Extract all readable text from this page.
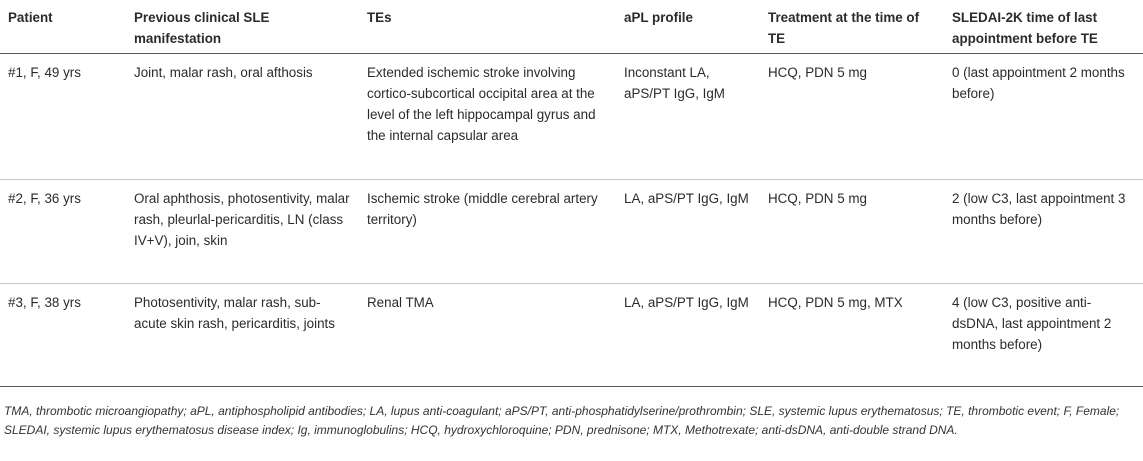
Patient	Previous clinical SLE manifestation	TEs	aPL profile	Treatment at the time of TE	SLEDAI-2K time of last appointment before TE
#1, F, 49 yrs	Joint, malar rash, oral afthosis	Extended ischemic stroke involving cortico-subcortical occipital area at the level of the left hippocampal gyrus and the internal capsular area	Inconstant LA, aPS/PT IgG, IgM	HCQ, PDN 5 mg	0 (last appointment 2 months before)
#2, F, 36 yrs	Oral aphthosis, photosentivity, malar rash, pleurlal-pericarditis, LN (class IV+V), join, skin	Ischemic stroke (middle cerebral artery territory)	LA, aPS/PT IgG, IgM	HCQ, PDN 5 mg	2 (low C3, last appointment 3 months before)
#3, F, 38 yrs	Photosentivity, malar rash, sub-acute skin rash, pericarditis, joints	Renal TMA	LA, aPS/PT IgG, IgM	HCQ, PDN 5 mg, MTX	4 (low C3, positive anti-dsDNA, last appointment 2 months before)
TMA, thrombotic microangiopathy; aPL, antiphospholipid antibodies; LA, lupus anti-coagulant; aPS/PT, anti-phosphatidylserine/prothrombin; SLE, systemic lupus erythematosus; TE, thrombotic event; F, Female; SLEDAI, systemic lupus erythematosus disease index; Ig, immunoglobulins; HCQ, hydroxychloroquine; PDN, prednisone; MTX, Methotrexate; anti-dsDNA, anti-double strand DNA.
